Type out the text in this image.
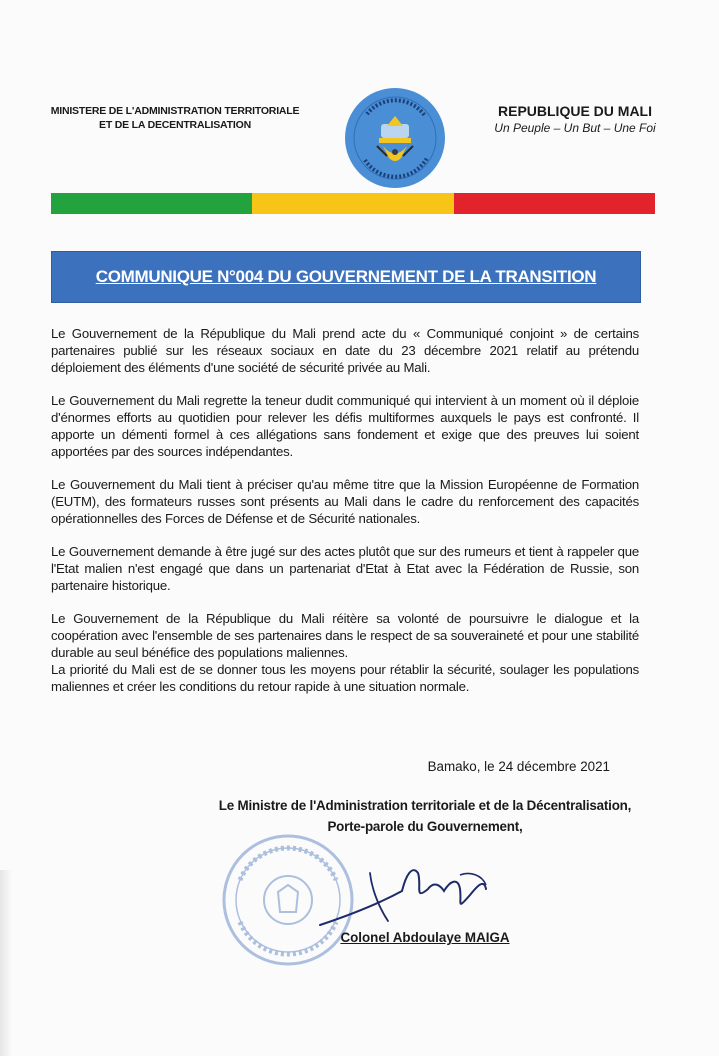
MINISTERE DE L'ADMINISTRATION TERRITORIALE
ET DE LA DECENTRALISATION
REPUBLIQUE DU MALI
Un Peuple – Un But – Une Foi
COMMUNIQUE N°004 DU GOUVERNEMENT DE LA TRANSITION

Le Gouvernement de la République du Mali prend acte du « Communiqué conjoint » de certains partenaires publié sur les réseaux sociaux en date du 23 décembre 2021 relatif au prétendu déploiement des éléments d'une société de sécurité privée au Mali.

Le Gouvernement du Mali regrette la teneur dudit communiqué qui intervient à un moment où il déploie d'énormes efforts au quotidien pour relever les défis multiformes auxquels le pays est confronté. Il apporte un démenti formel à ces allégations sans fondement et exige que des preuves lui soient apportées par des sources indépendantes.

Le Gouvernement du Mali tient à préciser qu'au même titre que la Mission Européenne de Formation (EUTM), des formateurs russes sont présents au Mali dans le cadre du renforcement des capacités opérationnelles des Forces de Défense et de Sécurité nationales.

Le Gouvernement demande à être jugé sur des actes plutôt que sur des rumeurs et tient à rappeler que l'Etat malien n'est engagé que dans un partenariat d'Etat à Etat avec la Fédération de Russie, son partenaire historique.

Le Gouvernement de la République du Mali réitère sa volonté de poursuivre le dialogue et la coopération avec l'ensemble de ses partenaires dans le respect de sa souveraineté et pour une stabilité durable au seul bénéfice des populations maliennes.

La priorité du Mali est de se donner tous les moyens pour rétablir la sécurité, soulager les populations maliennes et créer les conditions du retour rapide à une situation normale.

Bamako, le 24 décembre 2021
Le Ministre de l'Administration territoriale et de la Décentralisation,
Porte-parole du Gouvernement,
Colonel Abdoulaye MAIGA
